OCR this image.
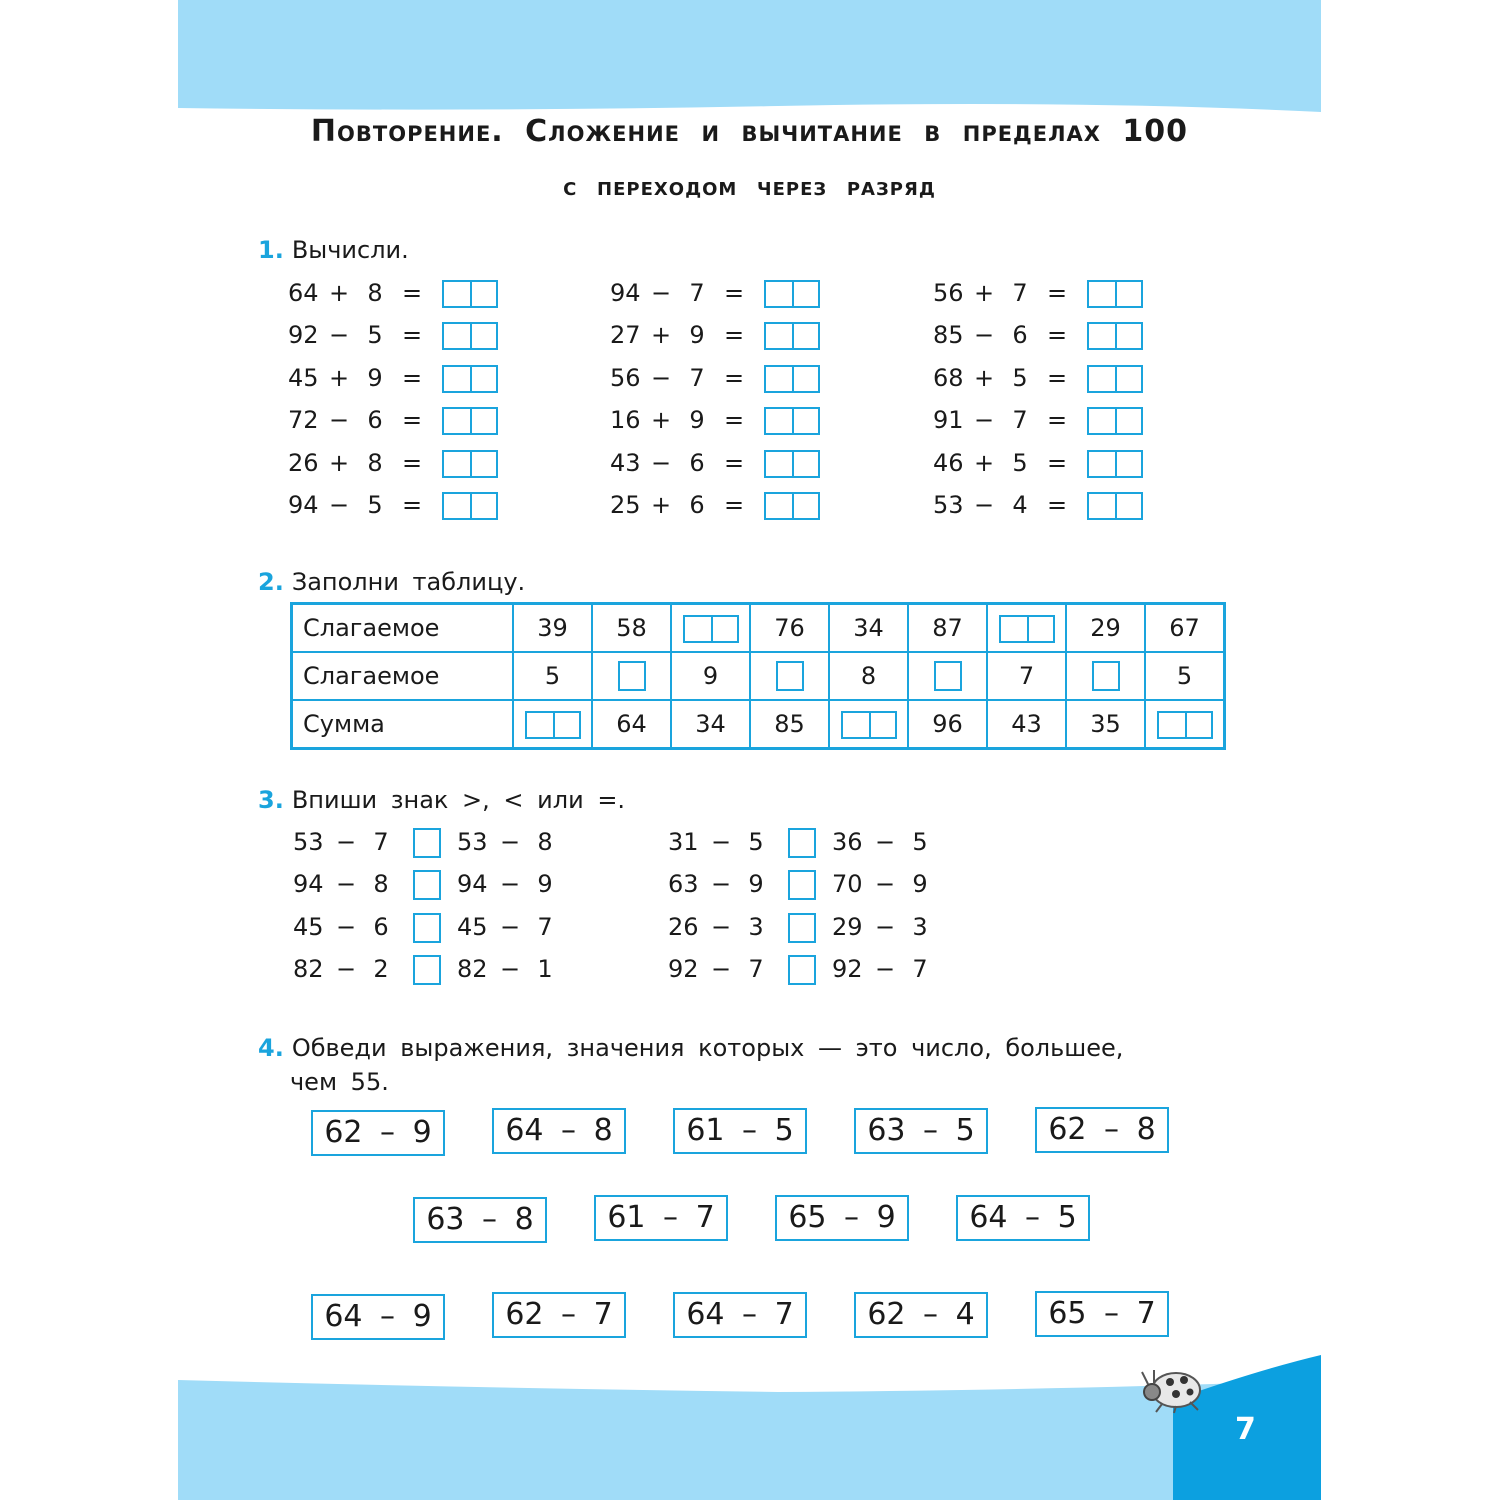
Повторение. Сложение и вычитание в пределах 100
с переходом через разряд
1. Вычисли.
64 + 8 =
92 − 5 =
45 + 9 =
72 − 6 =
26 + 8 =
94 − 5 =
94 − 7 =
27 + 9 =
56 − 7 =
16 + 9 =
43 − 6 =
25 + 6 =
56 + 7 =
85 − 6 =
68 + 5 =
91 − 7 =
46 + 5 =
53 − 4 =
2. Заполни таблицу.
Слагаемое	39	58		76	34	87		29	67
Слагаемое	5		9		8		7		5
Сумма		64	34	85		96	43	35	
3. Впиши знак >, < или =.
53 − 7	53 − 8
94 − 8	94 − 9
45 − 6	45 − 7
82 − 2	82 − 1
31 − 5	36 − 5
63 − 9	70 − 9
26 − 3	29 − 3
92 − 7	92 − 7
4. Обведи выражения, значения которых — это число, большее,
чем 55.
62 – 9	64 – 8	61 – 5	63 – 5	62 – 8
63 – 8	61 – 7	65 – 9	64 – 5
64 – 9	62 – 7	64 – 7	62 – 4	65 – 7
7
